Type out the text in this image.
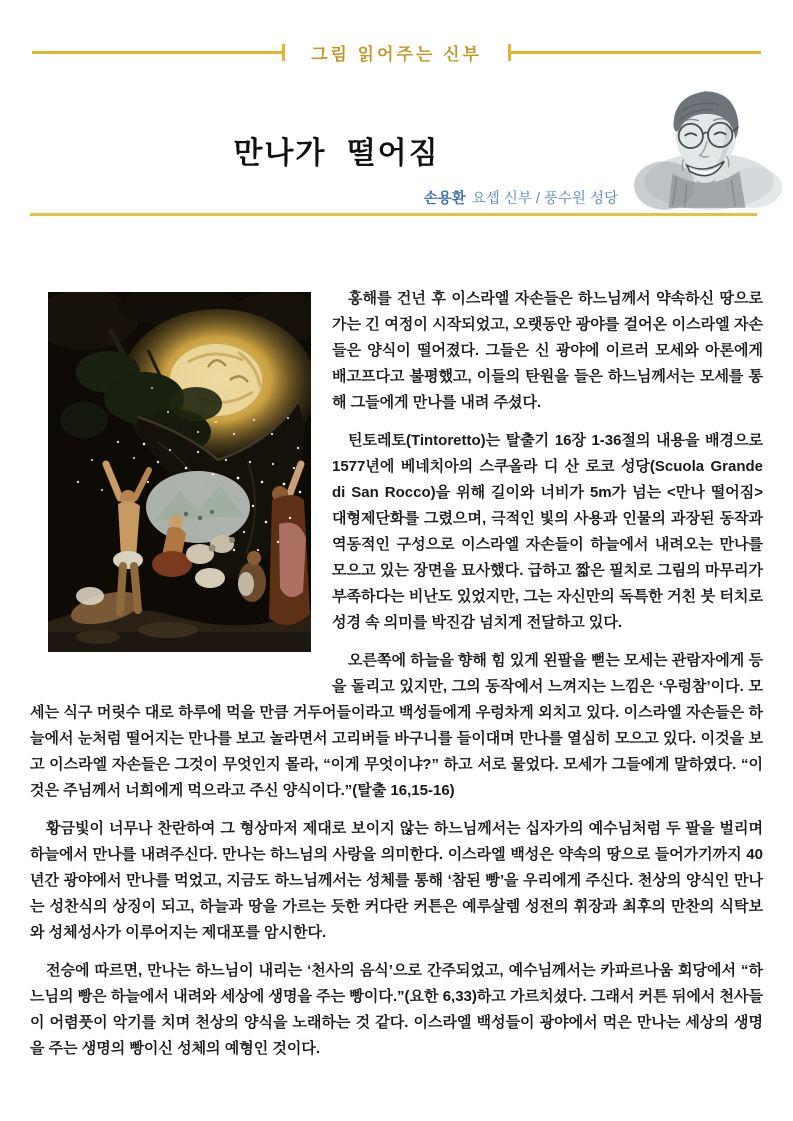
그림 읽어주는 신부
만나가 떨어짐
손용환 요셉 신부 / 풍수원 성당

홍해를 건넌 후 이스라엘 자손들은 하느님께서 약속하신 땅으로 가는 긴 여정이 시작되었고, 오랫동안 광야를 걸어온 이스라엘 자손들은 양식이 떨어졌다. 그들은 신 광야에 이르러 모세와 아론에게 배고프다고 불평했고, 이들의 탄원을 들은 하느님께서는 모세를 통해 그들에게 만나를 내려 주셨다.

틴토레토(Tintoretto)는 탈출기 16장 1-36절의 내용을 배경으로 1577년에 베네치아의 스쿠올라 디 산 로코 성당(Scuola Grande di San Rocco)을 위해 길이와 너비가 5m가 넘는 <만나 떨어짐> 대형제단화를 그렸으며, 극적인 빛의 사용과 인물의 과장된 동작과 역동적인 구성으로 이스라엘 자손들이 하늘에서 내려오는 만나를 모으고 있는 장면을 묘사했다. 급하고 짧은 필치로 그림의 마무리가 부족하다는 비난도 있었지만, 그는 자신만의 독특한 거친 붓 터치로 성경 속 의미를 박진감 넘치게 전달하고 있다.

오른쪽에 하늘을 향해 힘 있게 왼팔을 뻗는 모세는 관람자에게 등을 돌리고 있지만, 그의 동작에서 느껴지는 느낌은 ‘우렁참’이다. 모세는 식구 머릿수 대로 하루에 먹을 만큼 거두어들이라고 백성들에게 우렁차게 외치고 있다. 이스라엘 자손들은 하늘에서 눈처럼 떨어지는 만나를 보고 놀라면서 고리버들 바구니를 들이대며 만나를 열심히 모으고 있다. 이것을 보고 이스라엘 자손들은 그것이 무엇인지 몰라, “이게 무엇이냐?” 하고 서로 물었다. 모세가 그들에게 말하였다. “이것은 주님께서 너희에게 먹으라고 주신 양식이다.”(탈출 16,15-16)

황금빛이 너무나 찬란하여 그 형상마저 제대로 보이지 않는 하느님께서는 십자가의 예수님처럼 두 팔을 벌리며 하늘에서 만나를 내려주신다. 만나는 하느님의 사랑을 의미한다. 이스라엘 백성은 약속의 땅으로 들어가기까지 40년간 광야에서 만나를 먹었고, 지금도 하느님께서는 성체를 통해 ‘참된 빵’을 우리에게 주신다. 천상의 양식인 만나는 성찬식의 상징이 되고, 하늘과 땅을 가르는 듯한 커다란 커튼은 예루살렘 성전의 휘장과 최후의 만찬의 식탁보와 성체성사가 이루어지는 제대포를 암시한다.

전승에 따르면, 만나는 하느님이 내리는 ‘천사의 음식’으로 간주되었고, 예수님께서는 카파르나움 회당에서 “하느님의 빵은 하늘에서 내려와 세상에 생명을 주는 빵이다.”(요한 6,33)하고 가르치셨다. 그래서 커튼 뒤에서 천사들이 어렴풋이 악기를 치며 천상의 양식을 노래하는 것 같다. 이스라엘 백성들이 광야에서 먹은 만나는 세상의 생명을 주는 생명의 빵이신 성체의 예형인 것이다.
